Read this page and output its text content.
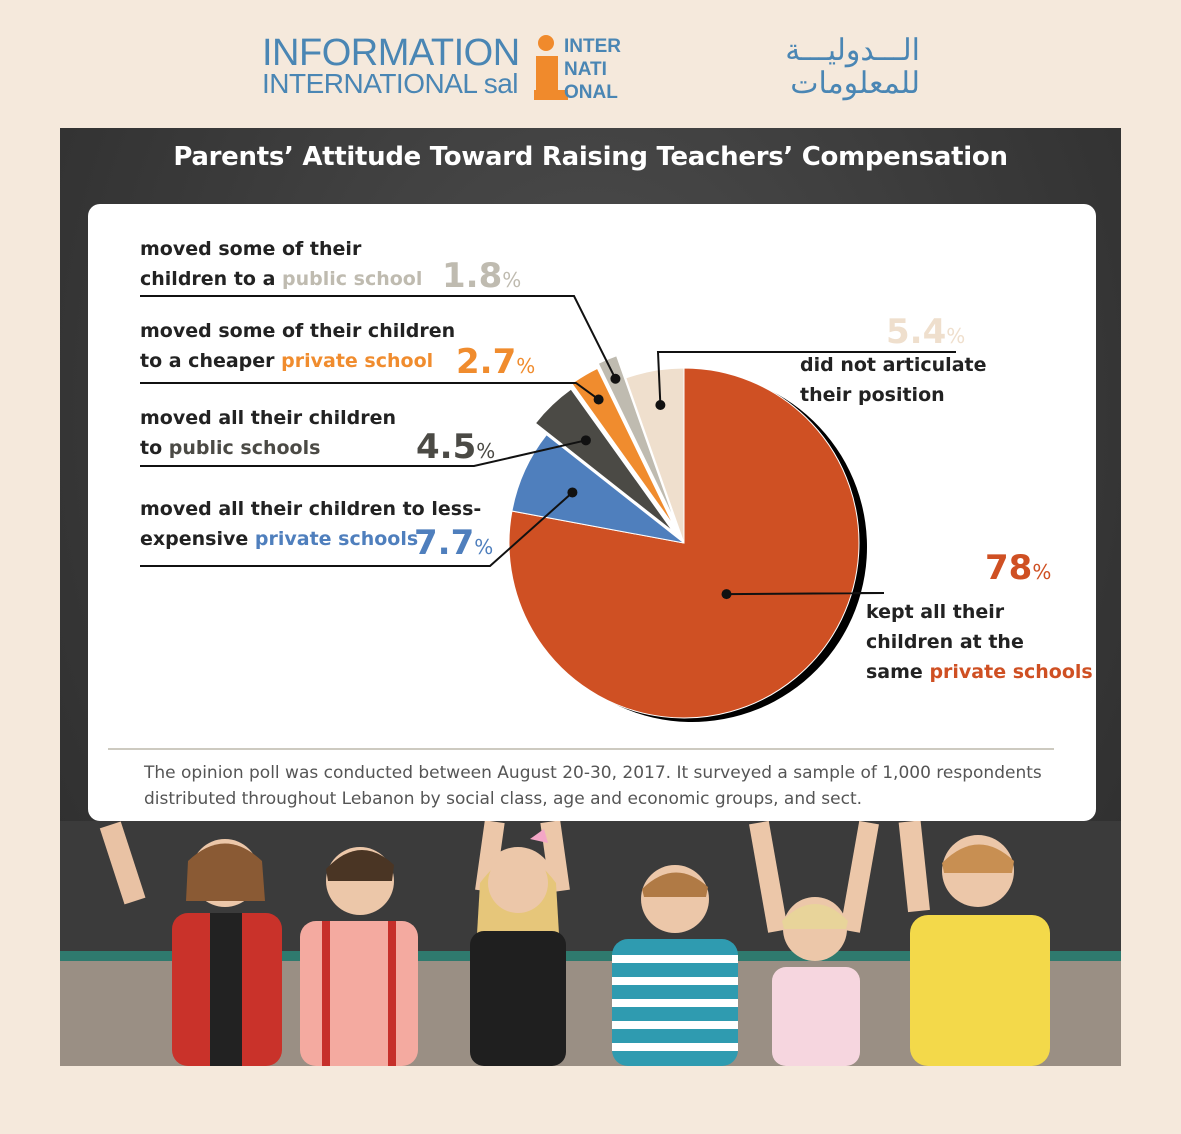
INFORMATION
INTERNATIONAL sal
INTER
NATI
ONAL
الـــدوليـــة
للمعلومات
Parents’ Attitude Toward Raising Teachers’ Compensation
moved some of their
children to a public school 1.8%
moved some of their children
to a cheaper private school 2.7%
moved all their children
to public schools	4.5%
moved all their children to less-
expensive private schools
7.7%
did not articulate
their position
5.4%
kept all their
children at the
same private schools
78%
The opinion poll was conducted between August 20-30, 2017. It surveyed a sample of 1,000 respondents distributed throughout Lebanon by social class, age and economic groups, and sect.
